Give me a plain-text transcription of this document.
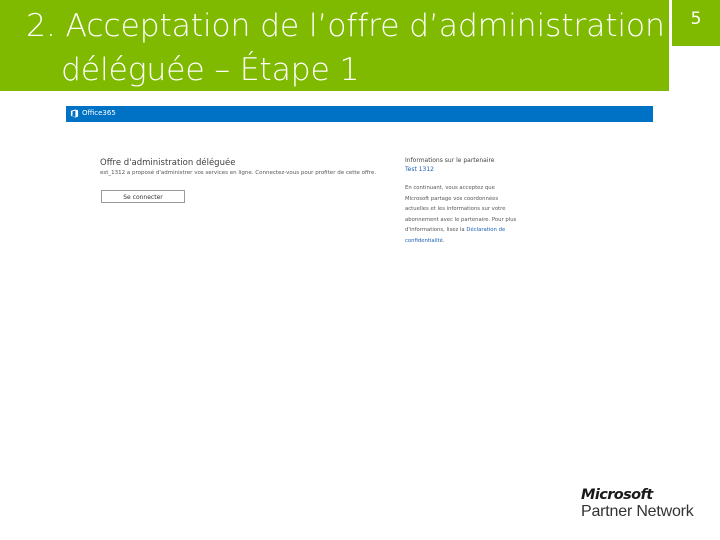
2. Acceptation de l’offre d’administration
déléguée – Étape 1
5
Office365
Offre d'administration déléguée
est_1312 a proposé d'administrer vos services en ligne. Connectez-vous pour profiter de cette offre.
Se connecter
Informations sur le partenaire
Test 1312
En continuant, vous acceptez que Microsoft partage vos coordonnées actuelles et les informations sur votre abonnement avec le partenaire. Pour plus d'informations, lisez la Déclaration de confidentialité.
Microsoft
Partner Network
